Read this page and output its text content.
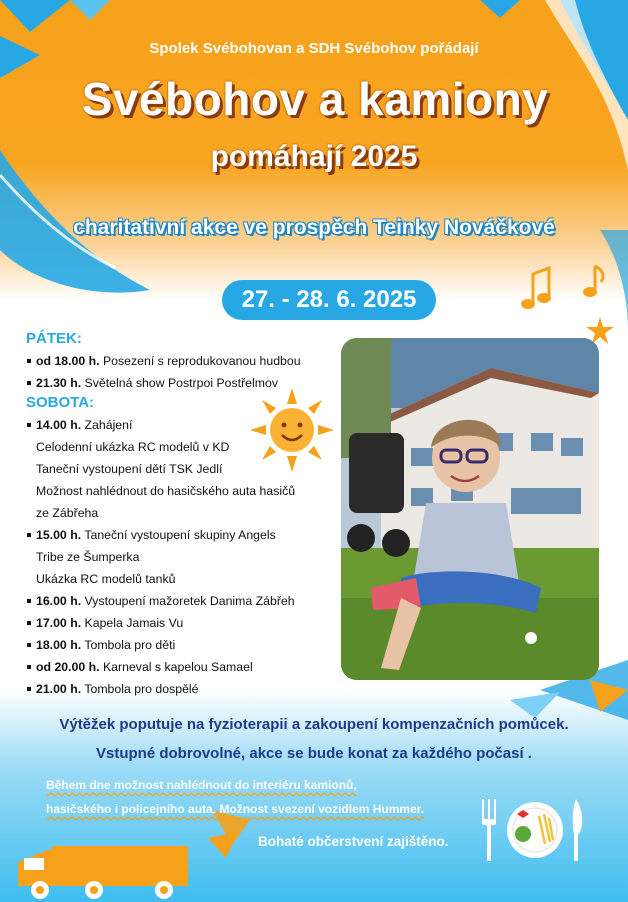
Spolek Svébohovan a SDH Svébohov pořádají
Svébohov a kamiony
pomáhají 2025
charitativní akce ve prospěch Teinky Nováčkové
27. - 28. 6. 2025
PÁTEK:
od 18.00 h. Posezení s reprodukovanou hudbou
21.30 h. Světelná show Postrpoi Postřelmov
SOBOTA:
14.00 h. Zahájení
Celodenní ukázka RC modelů v KD
Taneční vystoupení dětí TSK Jedlí
Možnost nahlédnout do hasičského auta hasičů
ze Zábřeha
15.00 h. Taneční vystoupení skupiny Angels
Tribe ze Šumperka
Ukázka RC modelů tanků
16.00 h. Vystoupení mažoretek Danima Zábřeh
17.00 h. Kapela Jamais Vu
18.00 h. Tombola pro děti
od 20.00 h. Karneval s kapelou Samael
21.00 h. Tombola pro dospělé
Výtěžek poputuje na fyzioterapii a zakoupení kompenzačních pomůcek.
Vstupné dobrovolné, akce se bude konat za každého počasí .
Během dne možnost nahlédnout do interiéru kamionů,
hasičského i policejního auta. Možnost svezení vozidlem Hummer.
Bohaté občerstvení zajištěno.
